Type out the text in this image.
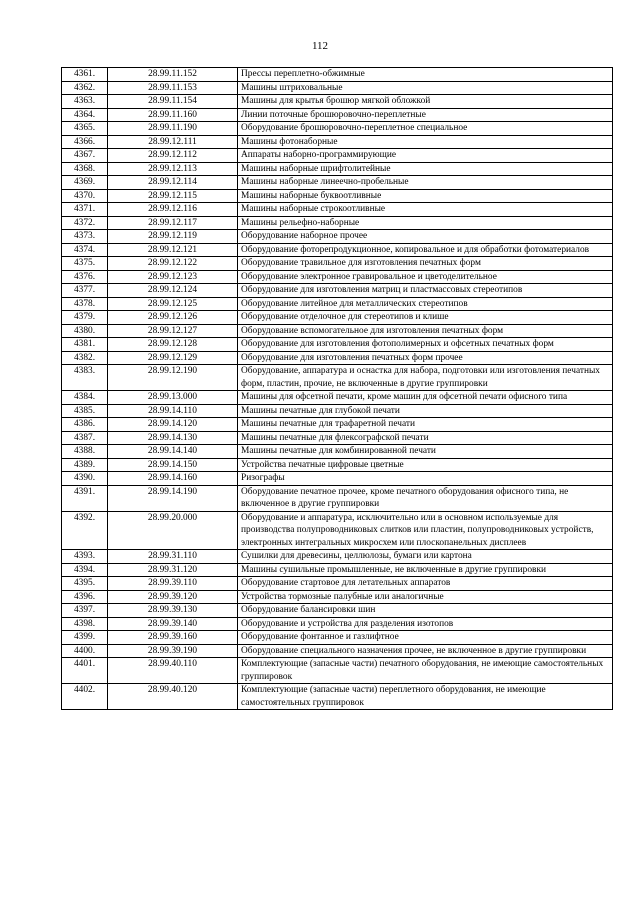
112
4361.	28.99.11.152	Прессы переплетно-обжимные
4362.	28.99.11.153	Машины штриховальные
4363.	28.99.11.154	Машины для крытья брошюр мягкой обложкой
4364.	28.99.11.160	Линии поточные брошюровочно-переплетные
4365.	28.99.11.190	Оборудование брошюровочно-переплетное специальное
4366.	28.99.12.111	Машины фотонаборные
4367.	28.99.12.112	Аппараты наборно-программирующие
4368.	28.99.12.113	Машины наборные шрифтолитейные
4369.	28.99.12.114	Машины наборные линеечно-пробельные
4370.	28.99.12.115	Машины наборные буквоотливные
4371.	28.99.12.116	Машины наборные строкоотливные
4372.	28.99.12.117	Машины рельефно-наборные
4373.	28.99.12.119	Оборудование наборное прочее
4374.	28.99.12.121	Оборудование фоторепродукционное, копировальное и для обработки фотоматериалов
4375.	28.99.12.122	Оборудование травильное для изготовления печатных форм
4376.	28.99.12.123	Оборудование электронное гравировальное и цветоделительное
4377.	28.99.12.124	Оборудование для изготовления матриц и пластмассовых стереотипов
4378.	28.99.12.125	Оборудование литейное для металлических стереотипов
4379.	28.99.12.126	Оборудование отделочное для стереотипов и клише
4380.	28.99.12.127	Оборудование вспомогательное для изготовления печатных форм
4381.	28.99.12.128	Оборудование для изготовления фотополимерных и офсетных печатных форм
4382.	28.99.12.129	Оборудование для изготовления печатных форм прочее
4383.	28.99.12.190	Оборудование, аппаратура и оснастка для набора, подготовки или изготовления печатных форм, пластин, прочие, не включенные в другие группировки
4384.	28.99.13.000	Машины для офсетной печати, кроме машин для офсетной печати офисного типа
4385.	28.99.14.110	Машины печатные для глубокой печати
4386.	28.99.14.120	Машины печатные для трафаретной печати
4387.	28.99.14.130	Машины печатные для флексографской печати
4388.	28.99.14.140	Машины печатные для комбинированной печати
4389.	28.99.14.150	Устройства печатные цифровые цветные
4390.	28.99.14.160	Ризографы
4391.	28.99.14.190	Оборудование печатное прочее, кроме печатного оборудования офисного типа, не включенное в другие группировки
4392.	28.99.20.000	Оборудование и аппаратура, исключительно или в основном используемые для производства полупроводниковых слитков или пластин, полупроводниковых устройств, электронных интегральных микросхем или плоскопанельных дисплеев
4393.	28.99.31.110	Сушилки для древесины, целлюлозы, бумаги или картона
4394.	28.99.31.120	Машины сушильные промышленные, не включенные в другие группировки
4395.	28.99.39.110	Оборудование стартовое для летательных аппаратов
4396.	28.99.39.120	Устройства тормозные палубные или аналогичные
4397.	28.99.39.130	Оборудование балансировки шин
4398.	28.99.39.140	Оборудование и устройства для разделения изотопов
4399.	28.99.39.160	Оборудование фонтанное и газлифтное
4400.	28.99.39.190	Оборудование специального назначения прочее, не включенное в другие группировки
4401.	28.99.40.110	Комплектующие (запасные части) печатного оборудования, не имеющие самостоятельных группировок
4402.	28.99.40.120	Комплектующие (запасные части) переплетного оборудования, не имеющие самостоятельных группировок
